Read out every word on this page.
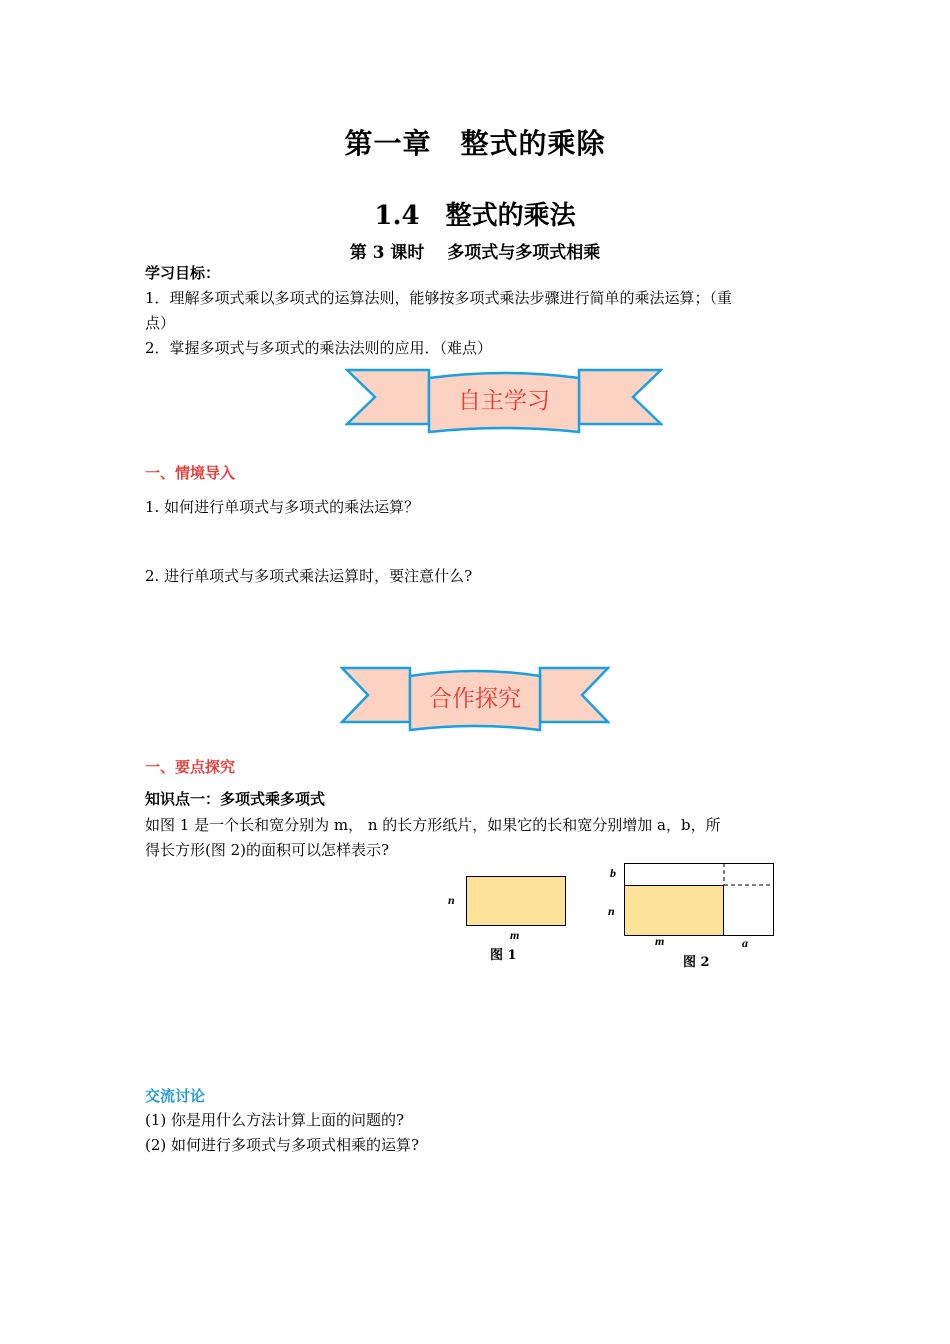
第一章　整式的乘除
1.4　整式的乘法
第 3 课时　 多项式与多项式相乘
学习目标：
1．理解多项式乘以多项式的运算法则，能够按多项式乘法步骤进行简单的乘法运算；（重
点）
2．掌握多项式与多项式的乘法法则的应用．（难点）
自主学习
一、情境导入
1. 如何进行单项式与多项式的乘法运算？
2. 进行单项式与多项式乘法运算时，要注意什么?
合作探究
一、要点探究
知识点一：多项式乘多项式
如图 1 是一个长和宽分别为 m， n 的长方形纸片，如果它的长和宽分别增加 a，b，所
得长方形(图 2)的面积可以怎样表示?
n
m
图 1
b
n
m	a
图 2
交流讨论
(1) 你是用什么方法计算上面的问题的?
(2) 如何进行多项式与多项式相乘的运算?
